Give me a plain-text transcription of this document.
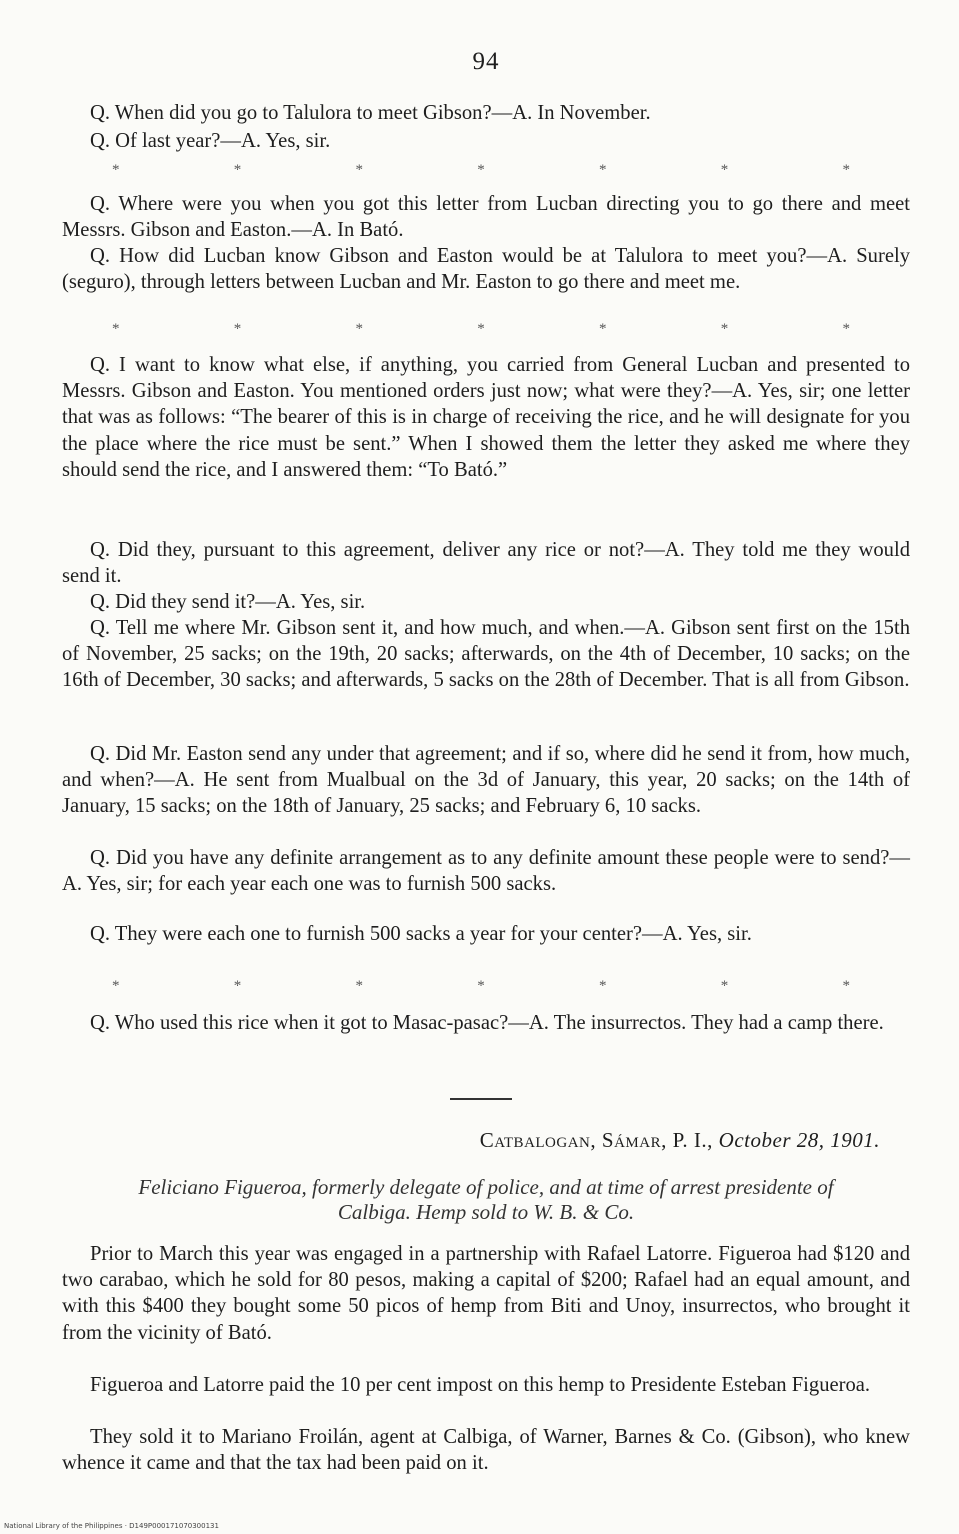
94

Q. When did you go to Talulora to meet Gibson?—A. In November.

Q. Of last year?—A. Yes, sir.

*	*	*	*	*	*	*

Q. Where were you when you got this letter from Lucban directing you to go there and meet Messrs. Gibson and Easton.—A. In Bató.

Q. How did Lucban know Gibson and Easton would be at Talulora to meet you?—A. Surely (seguro), through letters between Lucban and Mr. Easton to go there and meet me.

*	*	*	*	*	*	*

Q. I want to know what else, if anything, you carried from General Lucban and presented to Messrs. Gibson and Easton. You mentioned orders just now; what were they?—A. Yes, sir; one letter that was as follows: “The bearer of this is in charge of receiving the rice, and he will designate for you the place where the rice must be sent.” When I showed them the letter they asked me where they should send the rice, and I answered them: “To Bató.”

Q. Did they, pursuant to this agreement, deliver any rice or not?—A. They told me they would send it.

Q. Did they send it?—A. Yes, sir.

Q. Tell me where Mr. Gibson sent it, and how much, and when.—A. Gibson sent first on the 15th of November, 25 sacks; on the 19th, 20 sacks; afterwards, on the 4th of December, 10 sacks; on the 16th of December, 30 sacks; and afterwards, 5 sacks on the 28th of December. That is all from Gibson.

Q. Did Mr. Easton send any under that agreement; and if so, where did he send it from, how much, and when?—A. He sent from Mualbual on the 3d of January, this year, 20 sacks; on the 14th of January, 15 sacks; on the 18th of January, 25 sacks; and February 6, 10 sacks.

Q. Did you have any definite arrangement as to any definite amount these people were to send?—A. Yes, sir; for each year each one was to furnish 500 sacks.

Q. They were each one to furnish 500 sacks a year for your center?—A. Yes, sir.

*	*	*	*	*	*	*

Q. Who used this rice when it got to Masac-pasac?—A. The insurrectos. They had a camp there.

Catbalogan, Sámar, P. I., October 28, 1901.
Feliciano Figueroa, formerly delegate of police, and at time of arrest presidente of Calbiga. Hemp sold to W. B. & Co.

Prior to March this year was engaged in a partnership with Rafael Latorre. Figueroa had $120 and two carabao, which he sold for 80 pesos, making a capital of $200; Rafael had an equal amount, and with this $400 they bought some 50 picos of hemp from Biti and Unoy, insurrectos, who brought it from the vicinity of Bató.

Figueroa and Latorre paid the 10 per cent impost on this hemp to Presidente Esteban Figueroa.

They sold it to Mariano Froilán, agent at Calbiga, of Warner, Barnes & Co. (Gibson), who knew whence it came and that the tax had been paid on it.

National Library of the Philippines · D149P000171070300131
